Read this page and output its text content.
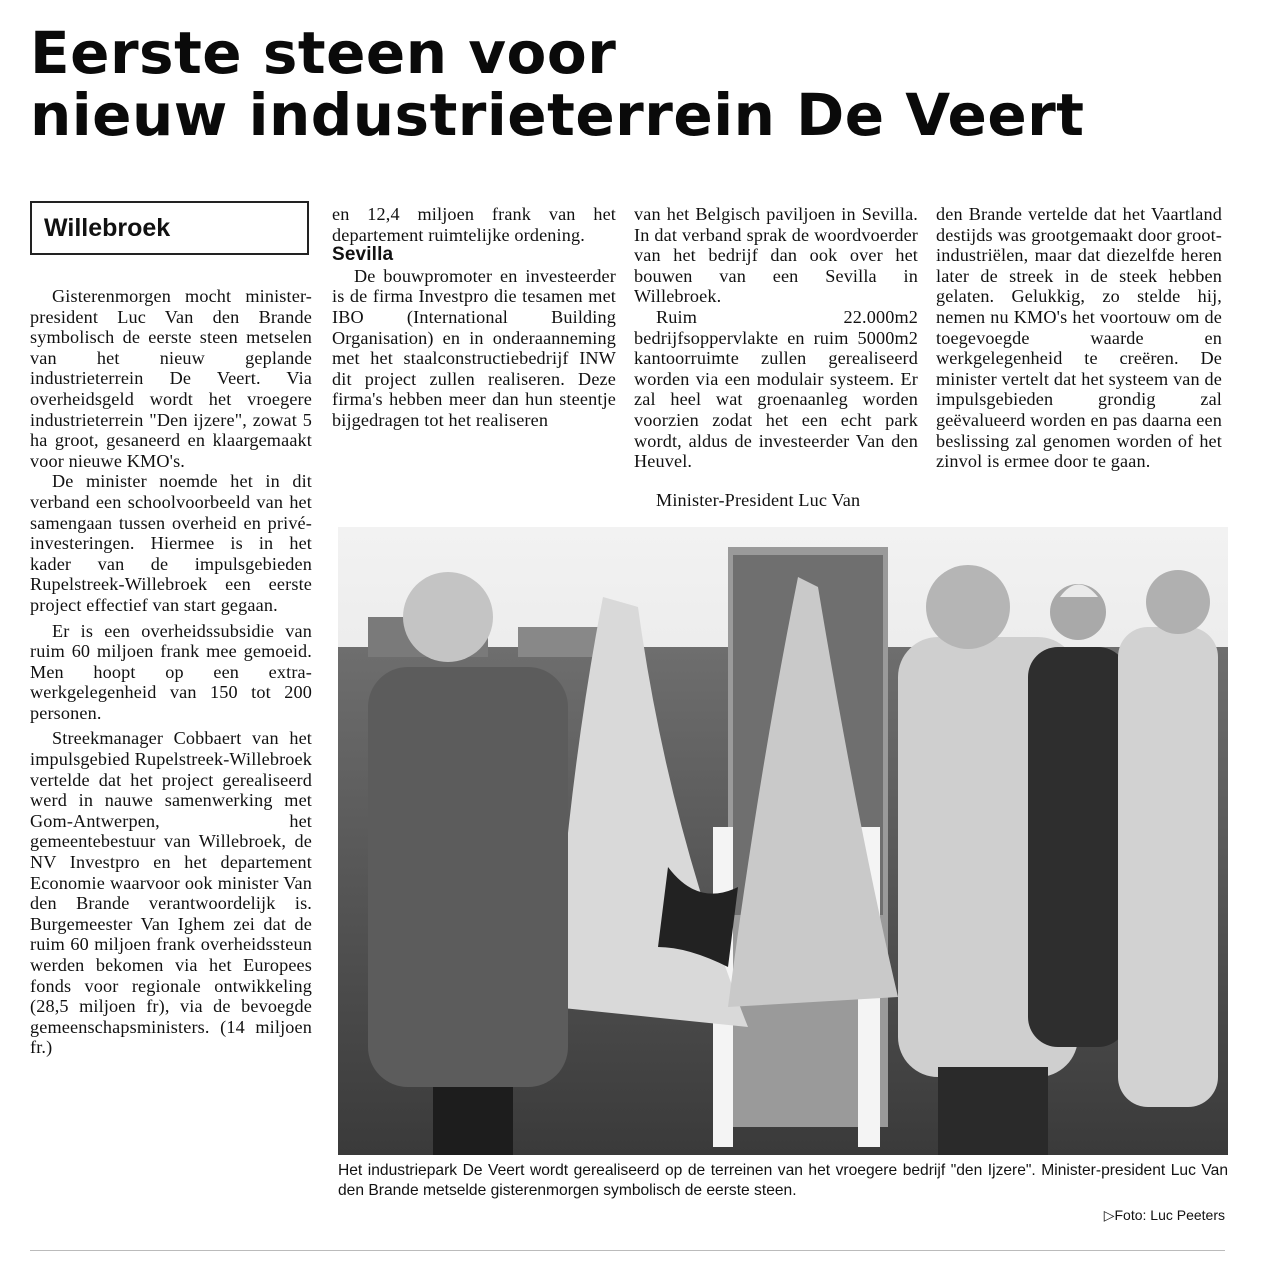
Eerste steen voor
nieuw industrieterrein De Veert
Willebroek

Gisterenmorgen mocht minister-president Luc Van den Brande symbolisch de eerste steen metselen van het nieuw geplande industrieterrein De Veert. Via overheidsgeld wordt het vroegere industrieterrein "Den ijzere", zowat 5 ha groot, gesaneerd en klaargemaakt voor nieuwe KMO's.

De minister noemde het in dit verband een schoolvoorbeeld van het samengaan tussen overheid en privé-investeringen. Hiermee is in het kader van de impulsgebieden Rupelstreek-Willebroek een eerste project effectief van start gegaan.

Er is een overheidssubsidie van ruim 60 miljoen frank mee gemoeid. Men hoopt op een extra-werkgelegenheid van 150 tot 200 personen.

Streekmanager Cobbaert van het impulsgebied Rupelstreek-Willebroek vertelde dat het project gerealiseerd werd in nauwe samenwerking met Gom-Antwerpen, het gemeentebestuur van Willebroek, de NV Investpro en het departement Economie waarvoor ook minister Van den Brande verantwoordelijk is. Burgemeester Van Ighem zei dat de ruim 60 miljoen frank overheidssteun werden bekomen via het Europees fonds voor regionale ontwikkeling (28,5 miljoen fr), via de bevoegde gemeenschapsministers. (14 miljoen fr.)

en 12,4 miljoen frank van het departement ruimtelijke ordening.

Sevilla

De bouwpromoter en investeerder is de firma Investpro die tesamen met IBO (International Building Organisation) en in onderaanneming met het staalconstructiebedrijf INW dit project zullen realiseren. Deze firma's hebben meer dan hun steentje bijgedragen tot het realiseren

van het Belgisch paviljoen in Sevilla. In dat verband sprak de woordvoerder van het bedrijf dan ook over het bouwen van een Sevilla in Willebroek.

Ruim 22.000m2 bedrijfsoppervlakte en ruim 5000m2 kantoorruimte zullen gerealiseerd worden via een modulair systeem. Er zal heel wat groenaanleg worden voorzien zodat het een echt park wordt, aldus de investeerder Van den Heuvel.

Minister-President Luc Van

den Brande vertelde dat het Vaartland destijds was grootgemaakt door groot-industriëlen, maar dat diezelfde heren later de streek in de steek hebben gelaten. Gelukkig, zo stelde hij, nemen nu KMO's het voortouw om de toegevoegde waarde en werkgelegenheid te creëren. De minister vertelt dat het systeem van de impulsgebieden grondig zal geëvalueerd worden en pas daarna een beslissing zal genomen worden of het zinvol is ermee door te gaan.

Het industriepark De Veert wordt gerealiseerd op de terreinen van het vroegere bedrijf "den Ijzere". Minister-president Luc Van den Brande metselde gisterenmorgen symbolisch de eerste steen.
▷Foto: Luc Peeters
